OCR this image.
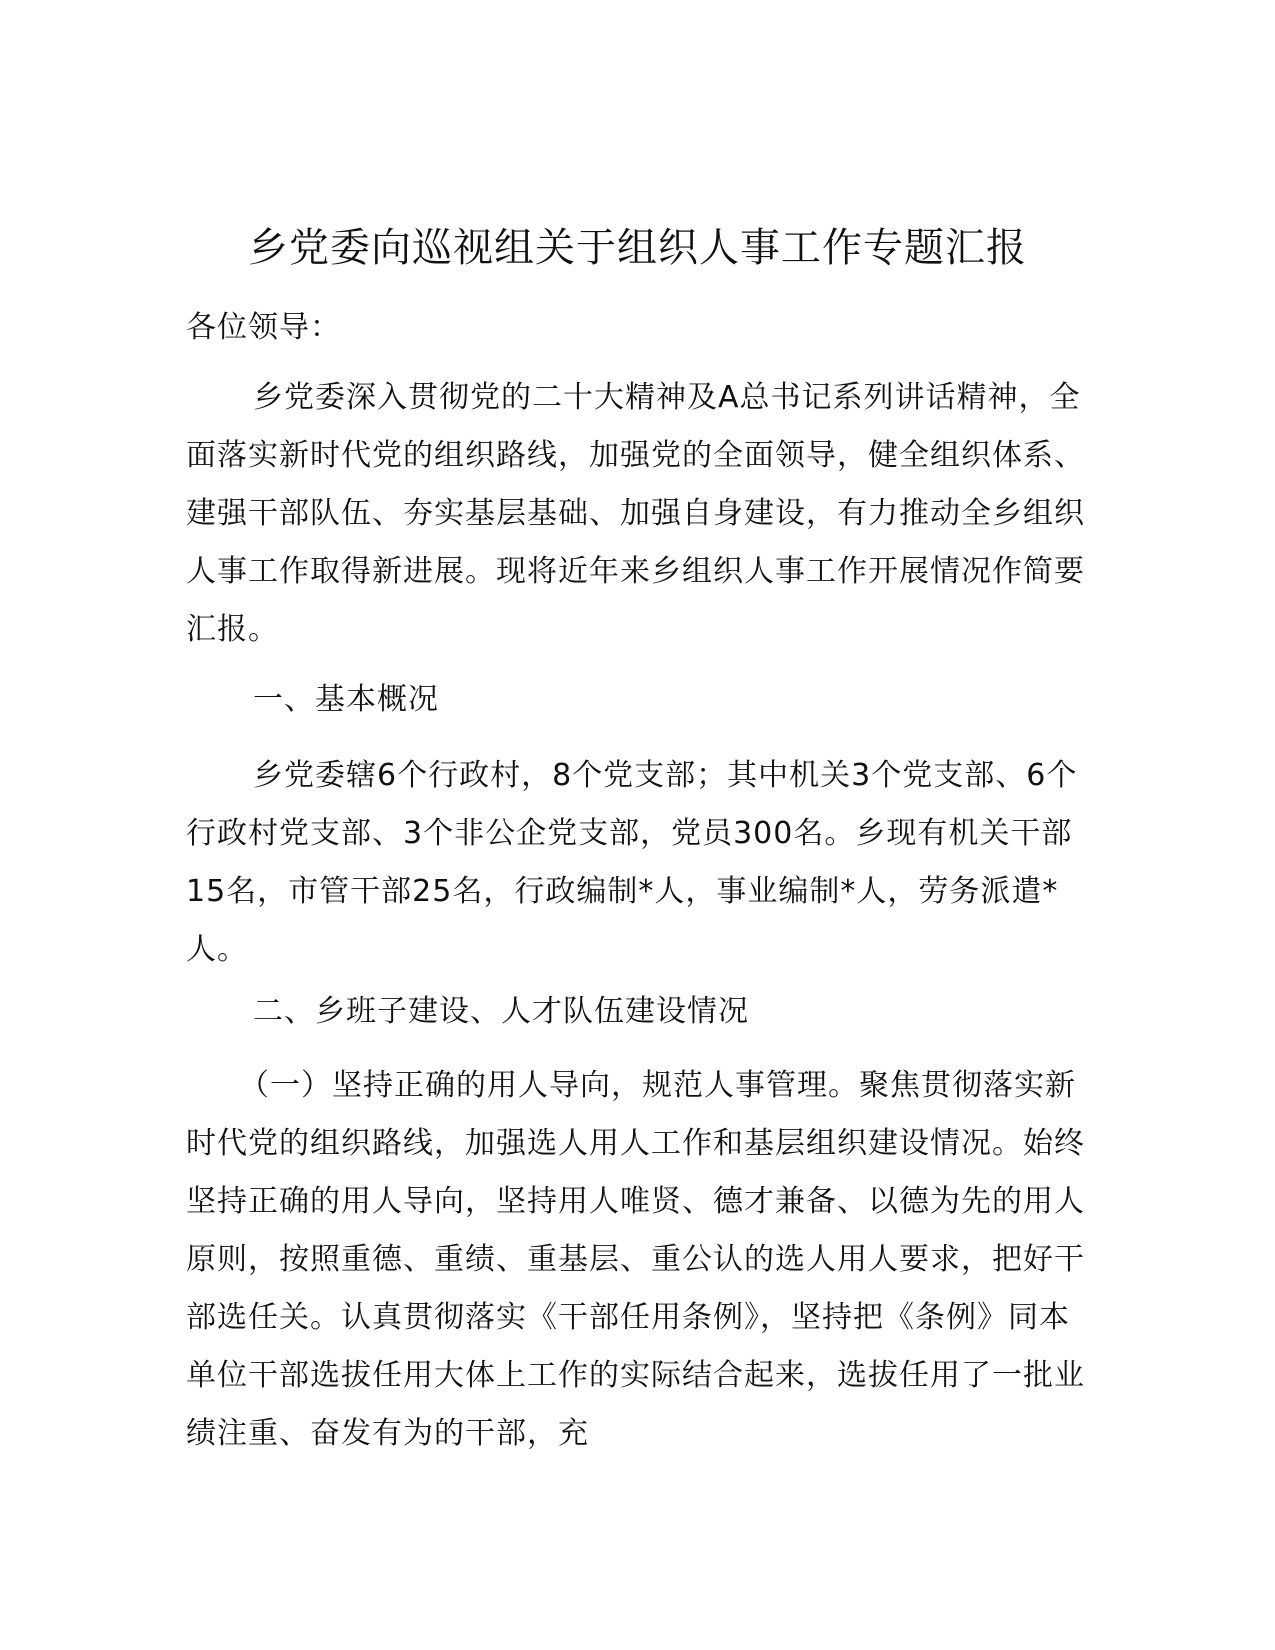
乡党委向巡视组关于组织人事工作专题汇报

各位领导：

乡党委深入贯彻党的二十大精神及A总书记系列讲话精神，全面落实新时代党的组织路线，加强党的全面领导，健全组织体系、建强干部队伍、夯实基层基础、加强自身建设，有力推动全乡组织人事工作取得新进展。现将近年来乡组织人事工作开展情况作简要汇报。

一、基本概况

乡党委辖6个行政村，8个党支部；其中机关3个党支部、6个行政村党支部、3个非公企党支部，党员300名。乡现有机关干部15名，市管干部25名，行政编制*人，事业编制*人，劳务派遣*人。

二、乡班子建设、人才队伍建设情况

（一）坚持正确的用人导向，规范人事管理。聚焦贯彻落实新时代党的组织路线，加强选人用人工作和基层组织建设情况。始终坚持正确的用人导向，坚持用人唯贤、德才兼备、以德为先的用人原则，按照重德、重绩、重基层、重公认的选人用人要求，把好干部选任关。认真贯彻落实《干部任用条例》，坚持把《条例》同本单位干部选拔任用大体上工作的实际结合起来，选拔任用了一批业绩注重、奋发有为的干部，充
